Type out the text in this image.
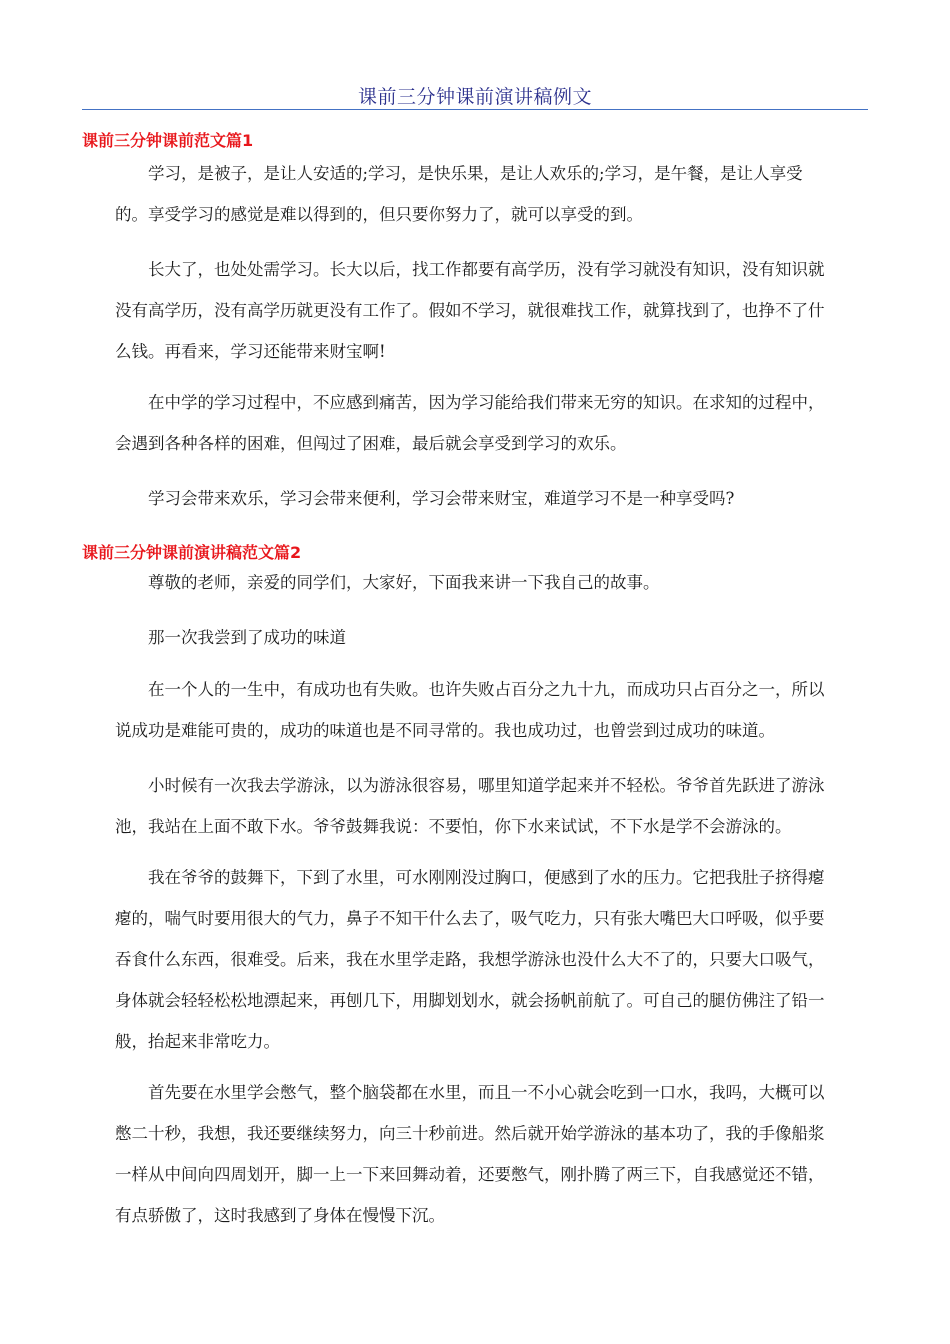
课前三分钟课前演讲稿例文
课前三分钟课前范文篇1
学习，是被子，是让人安适的;学习，是快乐果，是让人欢乐的;学习，是午餐，是让人享受
的。享受学习的感觉是难以得到的，但只要你努力了，就可以享受的到。
长大了，也处处需学习。长大以后，找工作都要有高学历，没有学习就没有知识，没有知识就
没有高学历，没有高学历就更没有工作了。假如不学习，就很难找工作，就算找到了，也挣不了什
么钱。再看来，学习还能带来财宝啊!
在中学的学习过程中，不应感到痛苦，因为学习能给我们带来无穷的知识。在求知的过程中，
会遇到各种各样的困难，但闯过了困难，最后就会享受到学习的欢乐。
学习会带来欢乐，学习会带来便利，学习会带来财宝，难道学习不是一种享受吗?
课前三分钟课前演讲稿范文篇2
尊敬的老师，亲爱的同学们，大家好，下面我来讲一下我自己的故事。
那一次我尝到了成功的味道
在一个人的一生中，有成功也有失败。也许失败占百分之九十九，而成功只占百分之一，所以
说成功是难能可贵的，成功的味道也是不同寻常的。我也成功过，也曾尝到过成功的味道。
小时候有一次我去学游泳，以为游泳很容易，哪里知道学起来并不轻松。爷爷首先跃进了游泳
池，我站在上面不敢下水。爷爷鼓舞我说：不要怕，你下水来试试，不下水是学不会游泳的。
我在爷爷的鼓舞下，下到了水里，可水刚刚没过胸口，便感到了水的压力。它把我肚子挤得瘪
瘪的，喘气时要用很大的气力，鼻子不知干什么去了，吸气吃力，只有张大嘴巴大口呼吸，似乎要
吞食什么东西，很难受。后来，我在水里学走路，我想学游泳也没什么大不了的，只要大口吸气，
身体就会轻轻松松地漂起来，再刨几下，用脚划划水，就会扬帆前航了。可自己的腿仿佛注了铅一
般，抬起来非常吃力。
首先要在水里学会憋气，整个脑袋都在水里，而且一不小心就会吃到一口水，我吗，大概可以
憋二十秒，我想，我还要继续努力，向三十秒前进。然后就开始学游泳的基本功了，我的手像船浆
一样从中间向四周划开，脚一上一下来回舞动着，还要憋气，刚扑腾了两三下，自我感觉还不错，
有点骄傲了，这时我感到了身体在慢慢下沉。
